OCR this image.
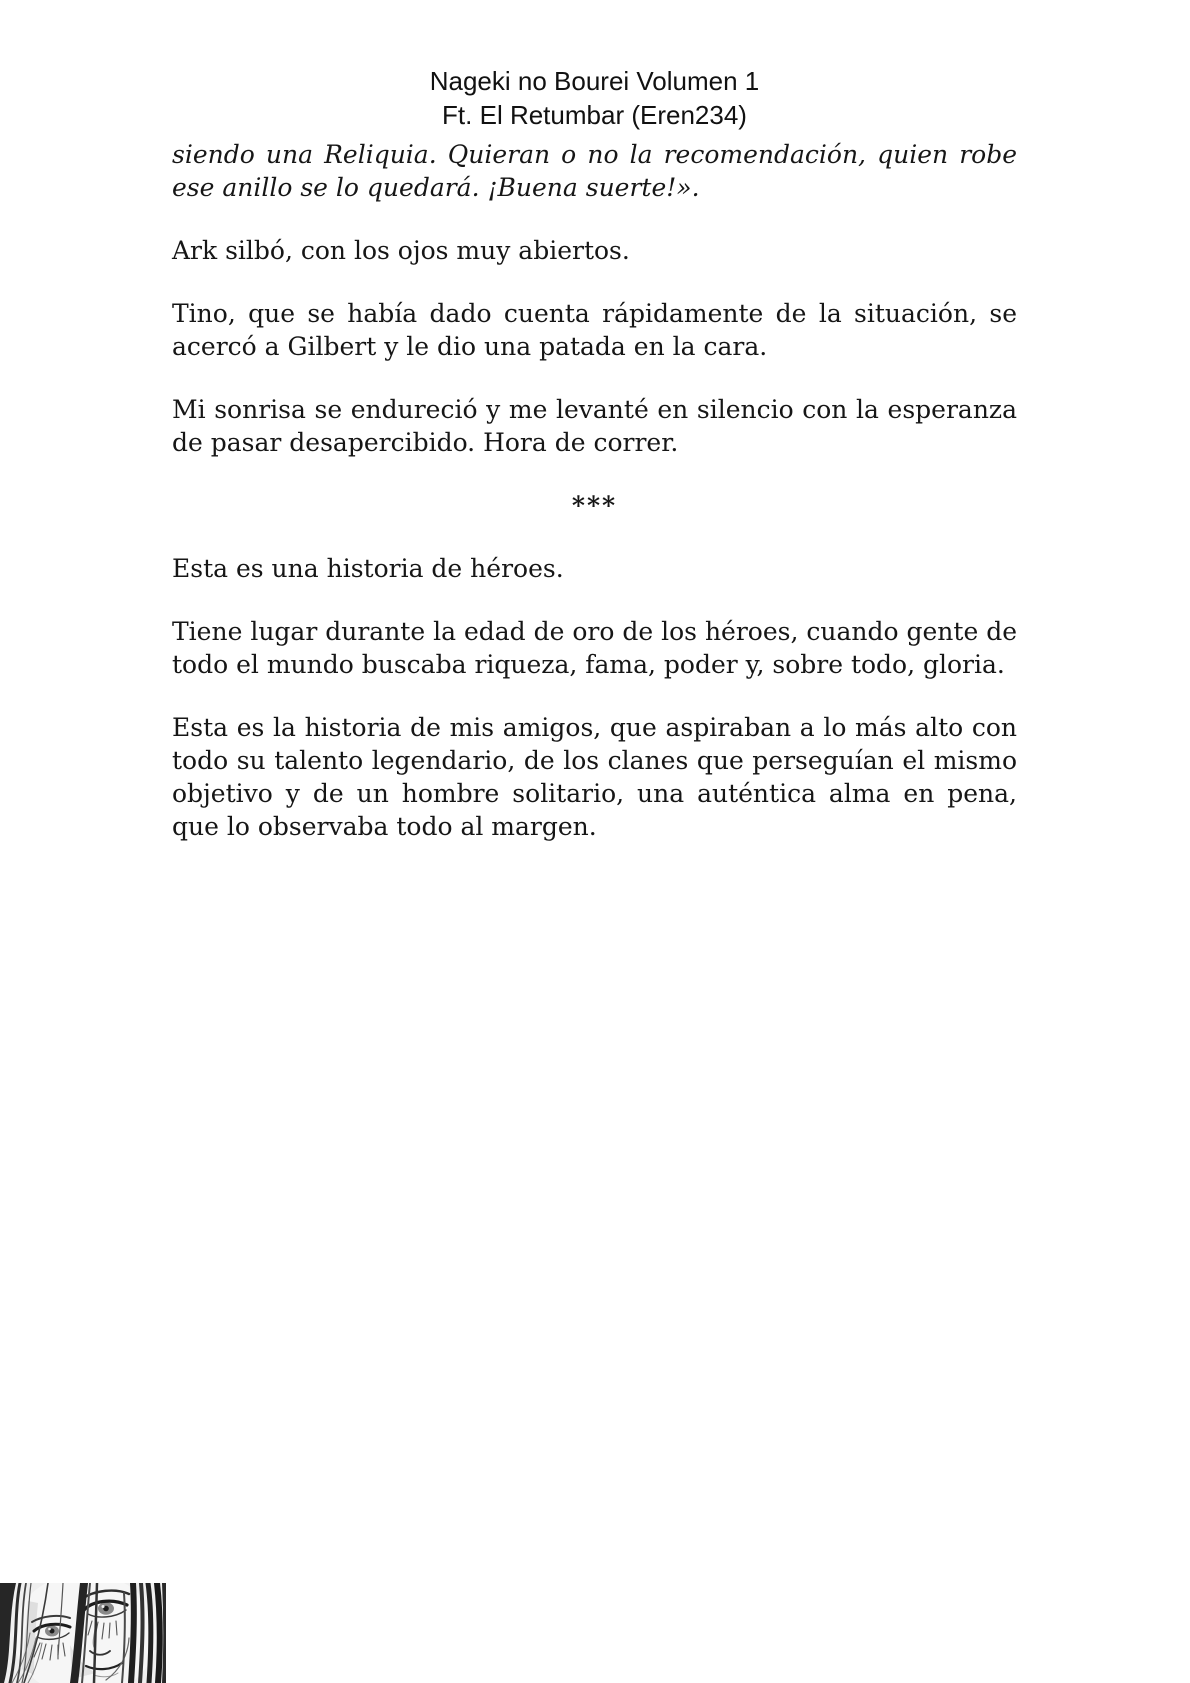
Nageki no Bourei Volumen 1
Ft. El Retumbar (Eren234)

siendo una Reliquia. Quieran o no la recomendación, quien robe ese anillo se lo quedará. ¡Buena suerte!».

Ark silbó, con los ojos muy abiertos.

Tino, que se había dado cuenta rápidamente de la situación, se acercó a Gilbert y le dio una patada en la cara.

Mi sonrisa se endureció y me levanté en silencio con la esperanza de pasar desapercibido. Hora de correr.

***

Esta es una historia de héroes.

Tiene lugar durante la edad de oro de los héroes, cuando gente de todo el mundo buscaba riqueza, fama, poder y, sobre todo, gloria.

Esta es la historia de mis amigos, que aspiraban a lo más alto con todo su talento legendario, de los clanes que perseguían el mismo objetivo y de un hombre solitario, una auténtica alma en pena, que lo observaba todo al margen.
